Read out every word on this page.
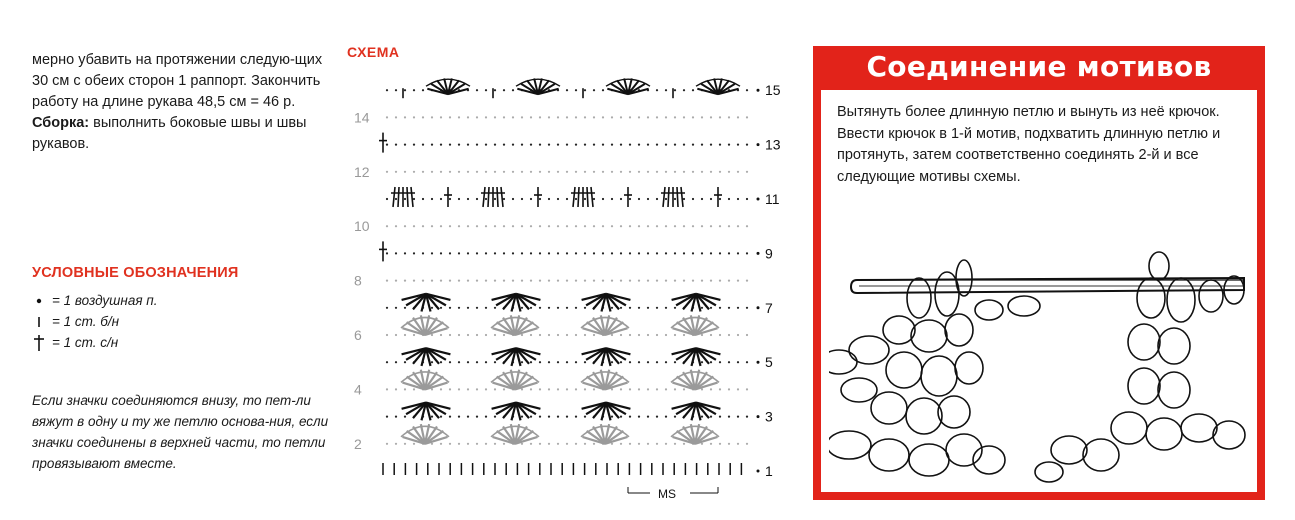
мерно убавить на протяжении следую-щих 30 см с обеих сторон 1 раппорт. Закончить работу на длине рукава 48,5 см = 46 р.
Сборка: выполнить боковые швы и швы рукавов.

УСЛОВНЫЕ ОБОЗНАЧЕНИЯ
= 1 воздушная п.
= 1 ст. б/н
= 1 ст. с/н
Если значки соединяются внизу, то пет-ли вяжут в одну и ту же петлю основа-ния, если значки соединены в верхней части, то петли провязывают вместе.
СХЕМА
15
13
11
9
7
5
3
1
14
12
10
8
6
4
2
MS
Соединение мотивов

Вытянуть более длинную петлю и вынуть из неё крючок. Ввести крючок в 1-й мотив, подхватить длинную петлю и протянуть, затем соответственно соединять 2-й и все следующие мотивы схемы.
